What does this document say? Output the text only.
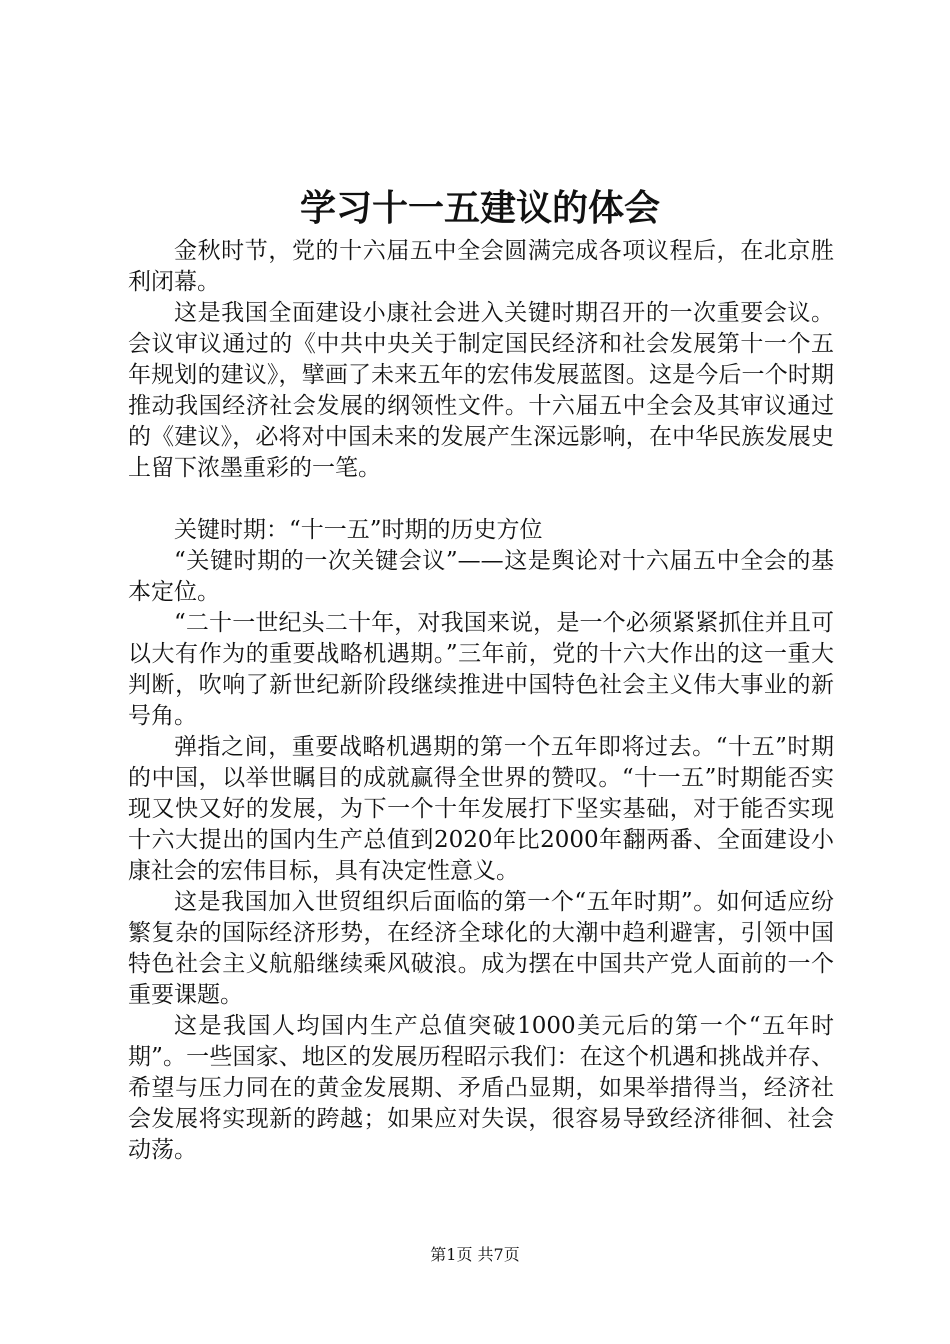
学习十一五建议的体会

金秋时节，党的十六届五中全会圆满完成各项议程后，在北京胜利闭幕。

这是我国全面建设小康社会进入关键时期召开的一次重要会议。会议审议通过的《中共中央关于制定国民经济和社会发展第十一个五年规划的建议》，擘画了未来五年的宏伟发展蓝图。这是今后一个时期推动我国经济社会发展的纲领性文件。十六届五中全会及其审议通过的《建议》，必将对中国未来的发展产生深远影响，在中华民族发展史上留下浓墨重彩的一笔。

关键时期：“十一五”时期的历史方位

“关键时期的一次关键会议”——这是舆论对十六届五中全会的基本定位。

“二十一世纪头二十年，对我国来说，是一个必须紧紧抓住并且可以大有作为的重要战略机遇期。”三年前，党的十六大作出的这一重大判断，吹响了新世纪新阶段继续推进中国特色社会主义伟大事业的新号角。

弹指之间，重要战略机遇期的第一个五年即将过去。“十五”时期的中国，以举世瞩目的成就赢得全世界的赞叹。“十一五”时期能否实现又快又好的发展，为下一个十年发展打下坚实基础，对于能否实现十六大提出的国内生产总值到2020年比2000年翻两番、全面建设小康社会的宏伟目标，具有决定性意义。

这是我国加入世贸组织后面临的第一个“五年时期”。如何适应纷繁复杂的国际经济形势，在经济全球化的大潮中趋利避害，引领中国特色社会主义航船继续乘风破浪。成为摆在中国共产党人面前的一个重要课题。

这是我国人均国内生产总值突破1000美元后的第一个“五年时期”。一些国家、地区的发展历程昭示我们：在这个机遇和挑战并存、希望与压力同在的黄金发展期、矛盾凸显期，如果举措得当，经济社会发展将实现新的跨越；如果应对失误，很容易导致经济徘徊、社会动荡。

第1页 共7页
